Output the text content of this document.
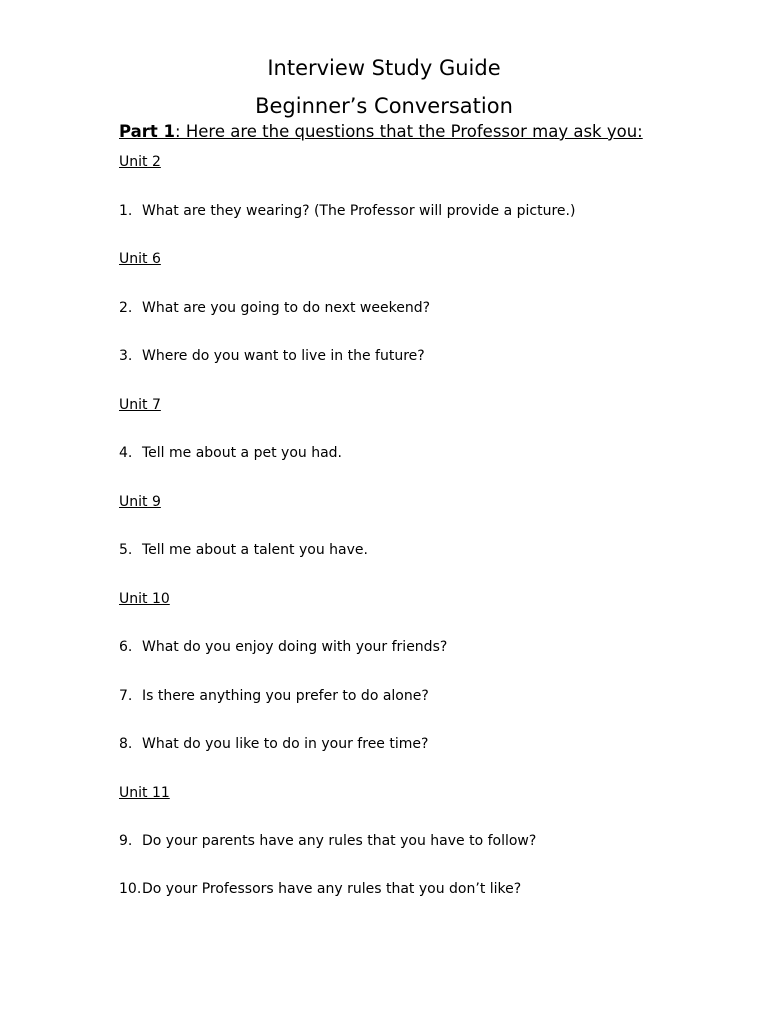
Interview Study Guide
Beginner’s Conversation
Part 1: Here are the questions that the Professor may ask you:
Unit 2
1. What are they wearing? (The Professor will provide a picture.)
Unit 6
2. What are you going to do next weekend?
3. Where do you want to live in the future?
Unit 7
4. Tell me about a pet you had.
Unit 9
5. Tell me about a talent you have.
Unit 10
6. What do you enjoy doing with your friends?
7. Is there anything you prefer to do alone?
8. What do you like to do in your free time?
Unit 11
9. Do your parents have any rules that you have to follow?
10.Do your Professors have any rules that you don’t like?
